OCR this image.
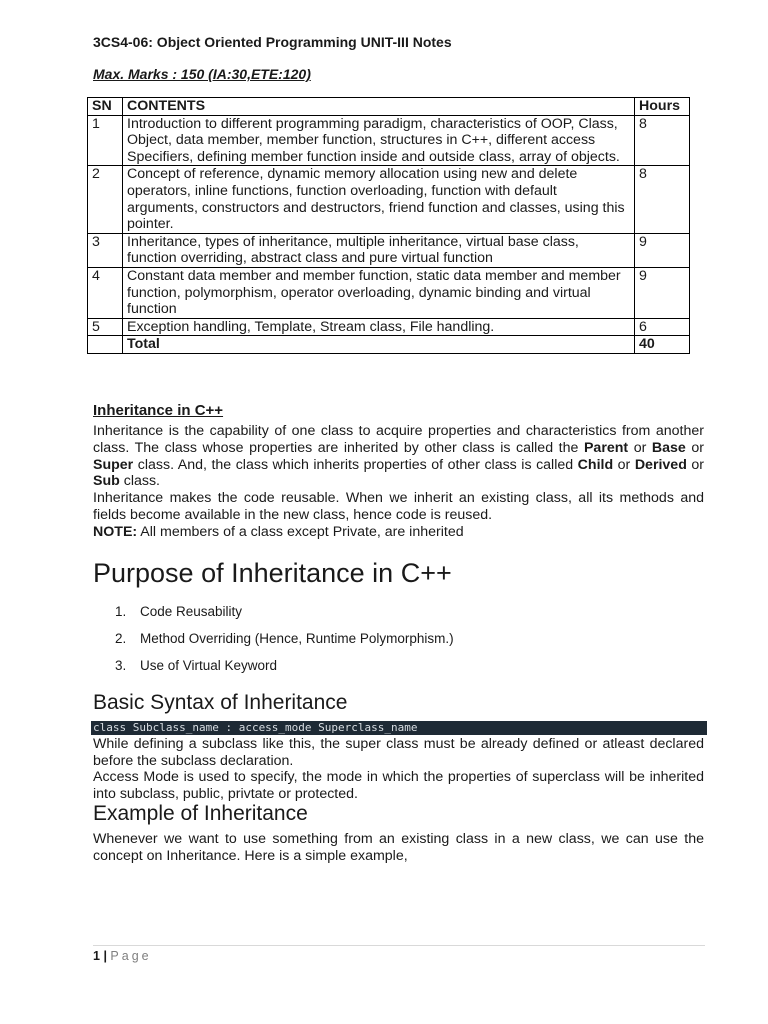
3CS4-06: Object Oriented Programming UNIT-III Notes
Max. Marks : 150 (IA:30,ETE:120)
SN	CONTENTS	Hours
1	Introduction to different programming paradigm, characteristics of OOP, Class, Object, data member, member function, structures in C++, different access Specifiers, defining member function inside and outside class, array of objects.	8
2	Concept of reference, dynamic memory allocation using new and delete operators, inline functions, function overloading, function with default arguments, constructors and destructors, friend function and classes, using this pointer.	8
3	Inheritance, types of inheritance, multiple inheritance, virtual base class, function overriding, abstract class and pure virtual function	9
4	Constant data member and member function, static data member and member function, polymorphism, operator overloading, dynamic binding and virtual function	9
5	Exception handling, Template, Stream class, File handling.	6
	Total	40
Inheritance in C++
Inheritance is the capability of one class to acquire properties and characteristics from another class. The class whose properties are inherited by other class is called the Parent or Base or Super class. And, the class which inherits properties of other class is called Child or Derived or Sub class.
Inheritance makes the code reusable. When we inherit an existing class, all its methods and fields become available in the new class, hence code is reused.
NOTE: All members of a class except Private, are inherited
Purpose of Inheritance in C++
1.	Code Reusability
2.	Method Overriding (Hence, Runtime Polymorphism.)
3.	Use of Virtual Keyword
Basic Syntax of Inheritance
class Subclass_name : access_mode Superclass_name
While defining a subclass like this, the super class must be already defined or atleast declared before the subclass declaration.
Access Mode is used to specify, the mode in which the properties of superclass will be inherited into subclass, public, privtate or protected.
Example of Inheritance
Whenever we want to use something from an existing class in a new class, we can use the concept on Inheritance. Here is a simple example,
1 | Page
